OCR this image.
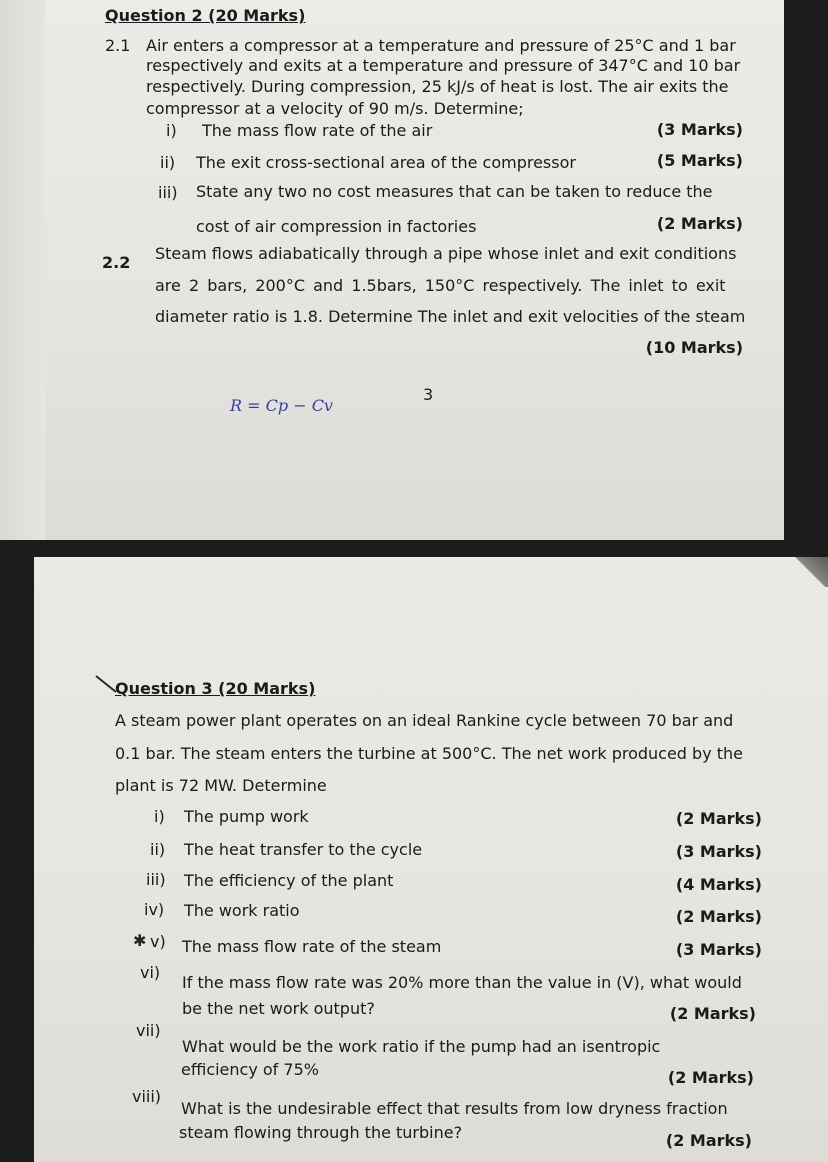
Question 2 (20 Marks)
2.1 Air enters a compressor at a temperature and pressure of 25°C and 1 bar
respectively and exits at a temperature and pressure of 347°C and 10 bar
respectively. During compression, 25 kJ/s of heat is lost. The air exits the
compressor at a velocity of 90 m/s. Determine;
i) The mass flow rate of the air	(3 Marks)
ii) The exit cross-sectional area of the compressor	(5 Marks)
iii) State any two no cost measures that can be taken to reduce the
cost of air compression in factories	(2 Marks)
2.2 Steam flows adiabatically through a pipe whose inlet and exit conditions
are 2 bars, 200°C and 1.5bars, 150°C respectively. The inlet to exit
diameter ratio is 1.8. Determine The inlet and exit velocities of the steam
(10 Marks)
R = Cp − Cv
3
Question 3 (20 Marks)
A steam power plant operates on an ideal Rankine cycle between 70 bar and
0.1 bar. The steam enters the turbine at 500°C. The net work produced by the
plant is 72 MW. Determine
i) The pump work	(2 Marks)
ii) The heat transfer to the cycle	(3 Marks)
iii) The efficiency of the plant	(4 Marks)
iv) The work ratio	(2 Marks)
✱ v) The mass flow rate of the steam	(3 Marks)
vi)
If the mass flow rate was 20% more than the value in (V), what would
be the net work output?	(2 Marks)
vii)
What would be the work ratio if the pump had an isentropic
efficiency of 75%	(2 Marks)
viii)
What is the undesirable effect that results from low dryness fraction
steam flowing through the turbine?	(2 Marks)
